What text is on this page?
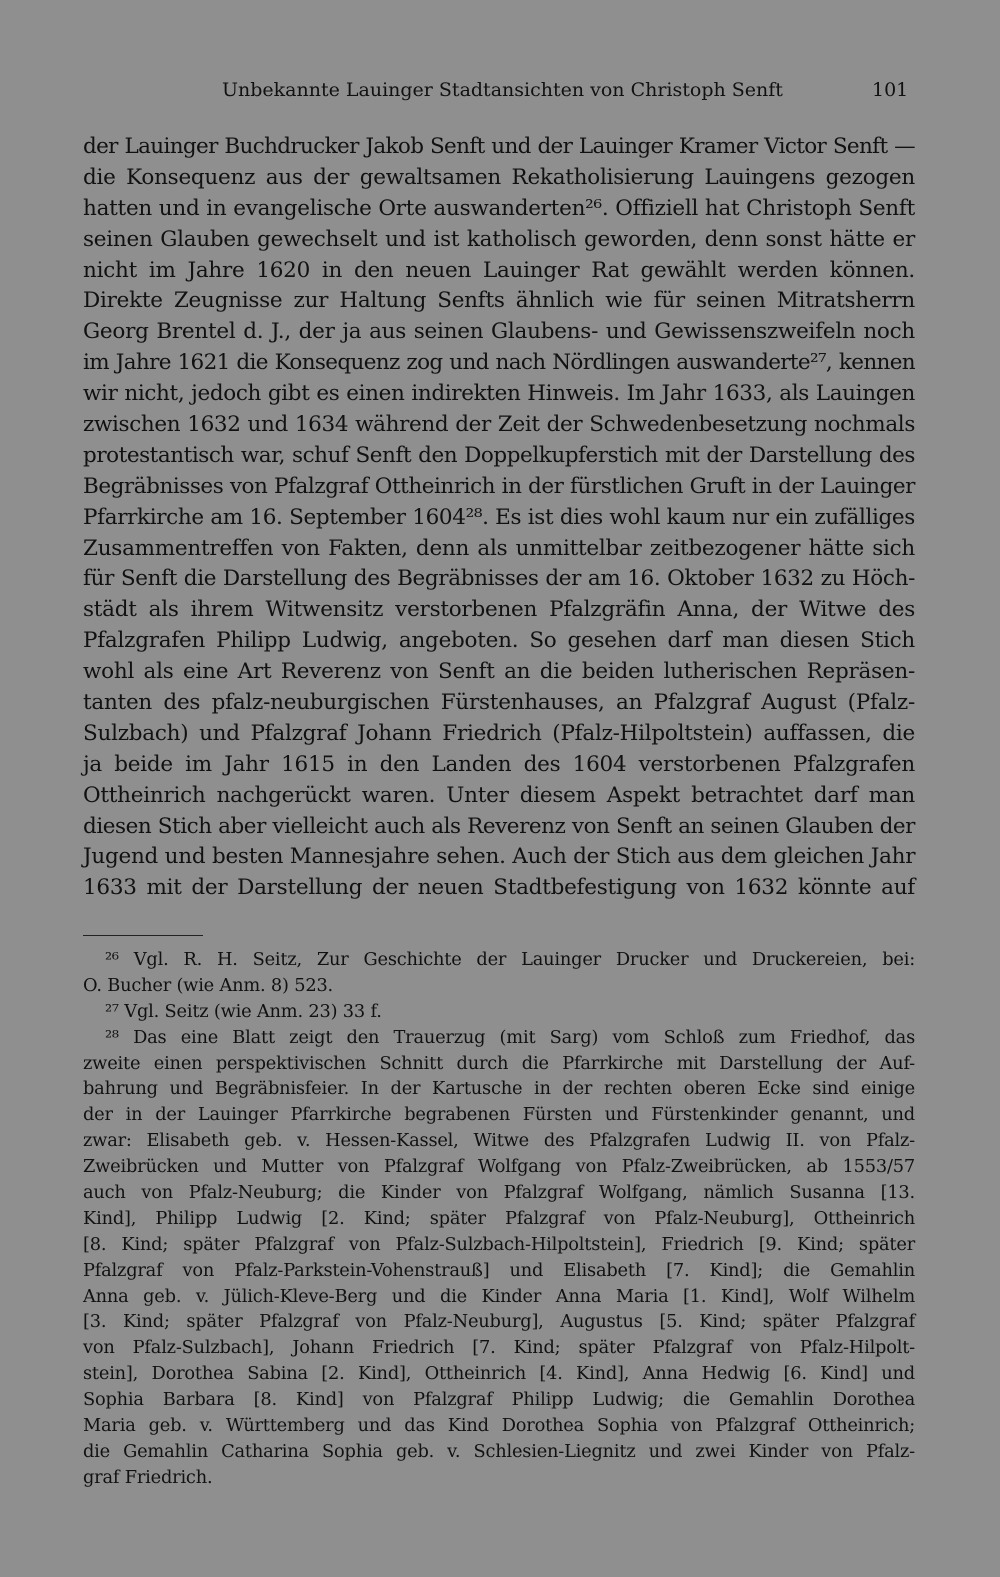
Unbekannte Lauinger Stadtansichten von Christoph Senft	101
der Lauinger Buchdrucker Jakob Senft und der Lauinger Kramer Victor Senft —
die Konsequenz aus der gewaltsamen Rekatholisierung Lauingens gezogen
hatten und in evangelische Orte auswanderten²⁶. Offiziell hat Christoph Senft
seinen Glauben gewechselt und ist katholisch geworden, denn sonst hätte er
nicht im Jahre 1620 in den neuen Lauinger Rat gewählt werden können.
Direkte Zeugnisse zur Haltung Senfts ähnlich wie für seinen Mitratsherrn
Georg Brentel d. J., der ja aus seinen Glaubens- und Gewissenszweifeln noch
im Jahre 1621 die Konsequenz zog und nach Nördlingen auswanderte²⁷, kennen
wir nicht, jedoch gibt es einen indirekten Hinweis. Im Jahr 1633, als Lauingen
zwischen 1632 und 1634 während der Zeit der Schwedenbesetzung nochmals
protestantisch war, schuf Senft den Doppelkupferstich mit der Darstellung des
Begräbnisses von Pfalzgraf Ottheinrich in der fürstlichen Gruft in der Lauinger
Pfarrkirche am 16. September 1604²⁸. Es ist dies wohl kaum nur ein zufälliges
Zusammentreffen von Fakten, denn als unmittelbar zeitbezogener hätte sich
für Senft die Darstellung des Begräbnisses der am 16. Oktober 1632 zu Höch-
städt als ihrem Witwensitz verstorbenen Pfalzgräfin Anna, der Witwe des
Pfalzgrafen Philipp Ludwig, angeboten. So gesehen darf man diesen Stich
wohl als eine Art Reverenz von Senft an die beiden lutherischen Repräsen-
tanten des pfalz-neuburgischen Fürstenhauses, an Pfalzgraf August (Pfalz-
Sulzbach) und Pfalzgraf Johann Friedrich (Pfalz-Hilpoltstein) auffassen, die
ja beide im Jahr 1615 in den Landen des 1604 verstorbenen Pfalzgrafen
Ottheinrich nachgerückt waren. Unter diesem Aspekt betrachtet darf man
diesen Stich aber vielleicht auch als Reverenz von Senft an seinen Glauben der
Jugend und besten Mannesjahre sehen. Auch der Stich aus dem gleichen Jahr
1633 mit der Darstellung der neuen Stadtbefestigung von 1632 könnte auf
²⁶ Vgl. R. H. Seitz, Zur Geschichte der Lauinger Drucker und Druckereien, bei:
O. Bucher (wie Anm. 8) 523.
²⁷ Vgl. Seitz (wie Anm. 23) 33 f.
²⁸ Das eine Blatt zeigt den Trauerzug (mit Sarg) vom Schloß zum Friedhof, das
zweite einen perspektivischen Schnitt durch die Pfarrkirche mit Darstellung der Auf-
bahrung und Begräbnisfeier. In der Kartusche in der rechten oberen Ecke sind einige
der in der Lauinger Pfarrkirche begrabenen Fürsten und Fürstenkinder genannt, und
zwar: Elisabeth geb. v. Hessen-Kassel, Witwe des Pfalzgrafen Ludwig II. von Pfalz-
Zweibrücken und Mutter von Pfalzgraf Wolfgang von Pfalz-Zweibrücken, ab 1553/57
auch von Pfalz-Neuburg; die Kinder von Pfalzgraf Wolfgang, nämlich Susanna [13.
Kind], Philipp Ludwig [2. Kind; später Pfalzgraf von Pfalz-Neuburg], Ottheinrich
[8. Kind; später Pfalzgraf von Pfalz-Sulzbach-Hilpoltstein], Friedrich [9. Kind; später
Pfalzgraf von Pfalz-Parkstein-Vohenstrauß] und Elisabeth [7. Kind]; die Gemahlin
Anna geb. v. Jülich-Kleve-Berg und die Kinder Anna Maria [1. Kind], Wolf Wilhelm
[3. Kind; später Pfalzgraf von Pfalz-Neuburg], Augustus [5. Kind; später Pfalzgraf
von Pfalz-Sulzbach], Johann Friedrich [7. Kind; später Pfalzgraf von Pfalz-Hilpolt-
stein], Dorothea Sabina [2. Kind], Ottheinrich [4. Kind], Anna Hedwig [6. Kind] und
Sophia Barbara [8. Kind] von Pfalzgraf Philipp Ludwig; die Gemahlin Dorothea
Maria geb. v. Württemberg und das Kind Dorothea Sophia von Pfalzgraf Ottheinrich;
die Gemahlin Catharina Sophia geb. v. Schlesien-Liegnitz und zwei Kinder von Pfalz-
graf Friedrich.
